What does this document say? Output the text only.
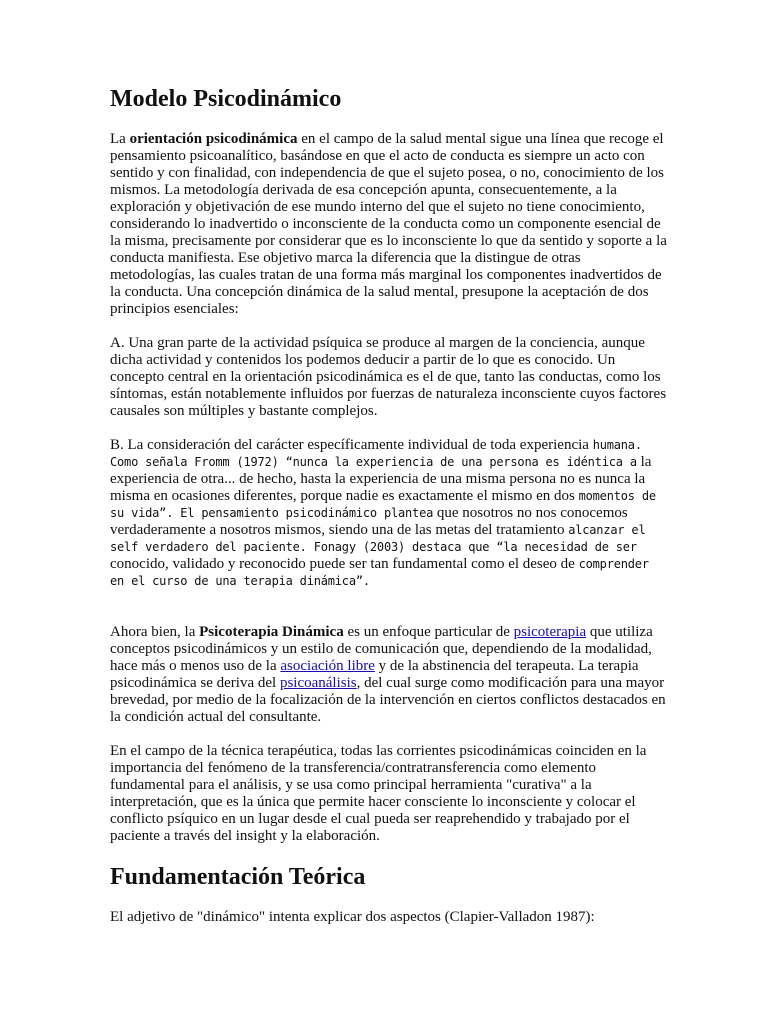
Modelo Psicodinámico

La orientación psicodinámica en el campo de la salud mental sigue una línea que recoge el pensamiento psicoanalítico, basándose en que el acto de conducta es siempre un acto con sentido y con finalidad, con independencia de que el sujeto posea, o no, conocimiento de los mismos. La metodología derivada de esa concepción apunta, consecuentemente, a la exploración y objetivación de ese mundo interno del que el sujeto no tiene conocimiento, considerando lo inadvertido o inconsciente de la conducta como un componente esencial de la misma, precisamente por considerar que es lo inconsciente lo que da sentido y soporte a la conducta manifiesta. Ese objetivo marca la diferencia que la distingue de otras metodologías, las cuales tratan de una forma más marginal los componentes inadvertidos de la conducta. Una concepción dinámica de la salud mental, presupone la aceptación de dos principios esenciales:

A. Una gran parte de la actividad psíquica se produce al margen de la conciencia, aunque dicha actividad y contenidos los podemos deducir a partir de lo que es conocido. Un concepto central en la orientación psicodinámica es el de que, tanto las conductas, como los síntomas, están notablemente influidos por fuerzas de naturaleza inconsciente cuyos factores causales son múltiples y bastante complejos.

B. La consideración del carácter específicamente individual de toda experiencia humana. Como señala Fromm (1972) “nunca la experiencia de una persona es idéntica a la experiencia de otra... de hecho, hasta la experiencia de una misma persona no es nunca la misma en ocasiones diferentes, porque nadie es exactamente el mismo en dos momentos de su vida”. El pensamiento psicodinámico plantea que nosotros no nos conocemos verdaderamente a nosotros mismos, siendo una de las metas del tratamiento alcanzar el self verdadero del paciente. Fonagy (2003) destaca que “la necesidad de ser conocido, validado y reconocido puede ser tan fundamental como el deseo de comprender en el curso de una terapia dinámica”.

Ahora bien, la Psicoterapia Dinámica es un enfoque particular de psicoterapia que utiliza conceptos psicodinámicos y un estilo de comunicación que, dependiendo de la modalidad, hace más o menos uso de la asociación libre y de la abstinencia del terapeuta. La terapia psicodinámica se deriva del psicoanálisis, del cual surge como modificación para una mayor brevedad, por medio de la focalización de la intervención en ciertos conflictos destacados en la condición actual del consultante.

En el campo de la técnica terapéutica, todas las corrientes psicodinámicas coinciden en la importancia del fenómeno de la transferencia/contratransferencia como elemento fundamental para el análisis, y se usa como principal herramienta "curativa" a la interpretación, que es la única que permite hacer consciente lo inconsciente y colocar el conflicto psíquico en un lugar desde el cual pueda ser reaprehendido y trabajado por el paciente a través del insight y la elaboración.

Fundamentación Teórica

El adjetivo de "dinámico" intenta explicar dos aspectos (Clapier-Valladon 1987):
